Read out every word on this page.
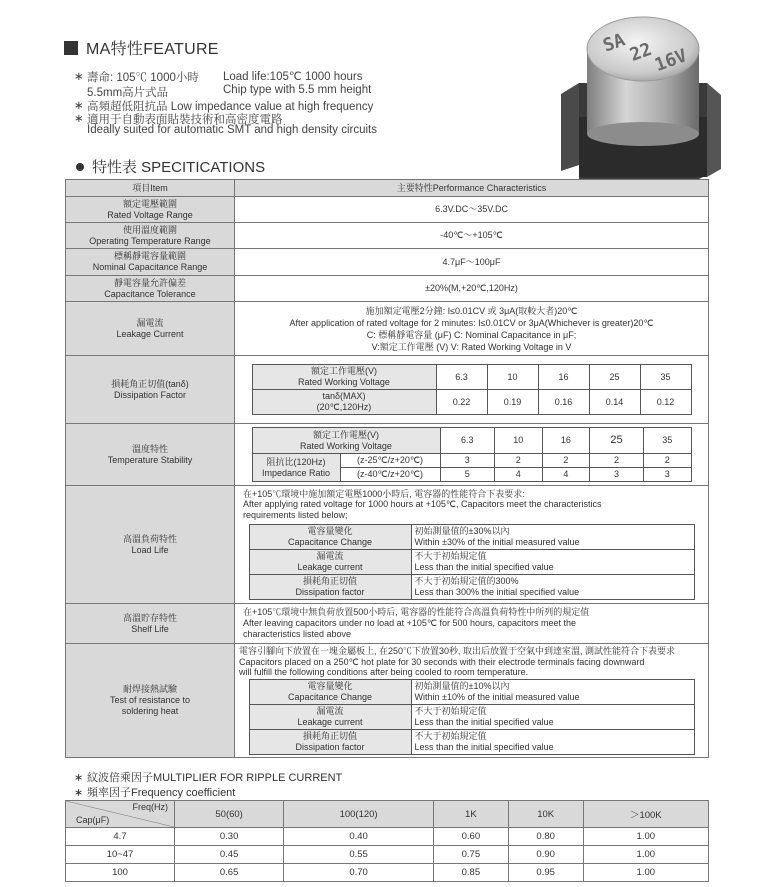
MA特性FEATURE
∗ 壽命: 105℃ 1000小時 Load life:105℃ 1000 hours
5.5mm高片式品	Chip type with 5.5 mm height
∗ 高頻超低阻抗品 Low impedance value at high frequency
∗ 適用于自動表面貼裝技術和高密度電路
Ideally suited for automatic SMT and high density circuits
SA 22
16V
特性表 SPECITICATIONS
項目Item	主要特性Performance Characteristics

額定電壓範圍
Rated Voltage Range
	6.3V.DC～35V.DC

使用溫度範圍
Operating Temperature Range
	-40℃～+105℃

標稱靜電容量範圍
Nominal Capacitance Range
	4.7μF～100μF

靜電容量允許偏差
Capacitance Tolerance
	±20%(M,+20℃,120Hz)

漏電流
Leakage Current

施加額定電壓2分鐘: I≤0.01CV 或 3μA(取較大者)20℃
After application of rated voltage for 2 minutes: I≤0.01CV or 3μA(Whichever is greater)20℃
C: 標稱靜電容量 (μF) C: Nominal Capacitance in μF;
V:額定工作電壓 (V) V: Rated Working Voltage in V

損耗角正切值(tanδ)
Dissipation Factor

額定工作電壓(V)
Rated Working Voltage
	6.3	10	16	25	35

tanδ(MAX)
(20℃,120Hz)
	0.22	0.19	0.16	0.14	0.12

溫度特性
Temperature Stability

額定工作電壓(V)
Rated Working Voltage
	6.3	10	16	25	35

阻抗比(120Hz)
Impedance Ratio
	(z-25℃/z+20℃)	3	2	2	2	2
(z-40℃/z+20℃)	5	4	4	3	3

高溫負荷特性
Load Life

在+105℃環境中施加額定電壓1000小時后, 電容器的性能符合下表要求:
After applying rated voltage for 1000 hours at +105℃, Capacitors meet the characteristics
requirements listed below;
電容量變化
Capacitance Change

初始測量值的±30%以內
Within ±30% of the initial measured value

漏電流
Leakage current

不大于初始規定值
Less than the initial specified value

損耗角正切值
Dissipation factor

不大于初始規定值的300%
Less than 300% the initial specified value

高溫貯存特性
Shelf Life

在+105℃環境中無負荷放置500小時后, 電容器的性能符合高溫負荷特性中所列的規定值
After leaving capacitors under no load at +105℃ for 500 hours, capacitors meet the
characteristics listed above

耐焊接熱試驗
Test of resistance to
soldering heat

電容引腳向下放置在一塊金屬板上, 在250℃下放置30秒, 取出后放置于空氣中到達室溫, 測試性能符合下表要求
Capacitors placed on a 250℃ hot plate for 30 seconds with their electrode terminals facing downward
will fulfill the following conditions after being cooled to room temperature.
電容量變化
Capacitance Change

初始測量值的±10%以內
Within ±10% of the initial measured value

漏電流
Leakage current

不大于初始規定值
Less than the initial specified value

損耗角正切值
Dissipation factor

不大于初始規定值
Less than the initial specified value
∗ 紋波倍乘因子MULTIPLIER FOR RIPPLE CURRENT
∗ 頻率因子Frequency coefficient
Freq(Hz)
Cap(μF)	50(60)	100(120)	1K	10K	＞100K
4.7	0.30	0.40	0.60	0.80	1.00
10~47	0.45	0.55	0.75	0.90	1.00
100	0.65	0.70	0.85	0.95	1.00
